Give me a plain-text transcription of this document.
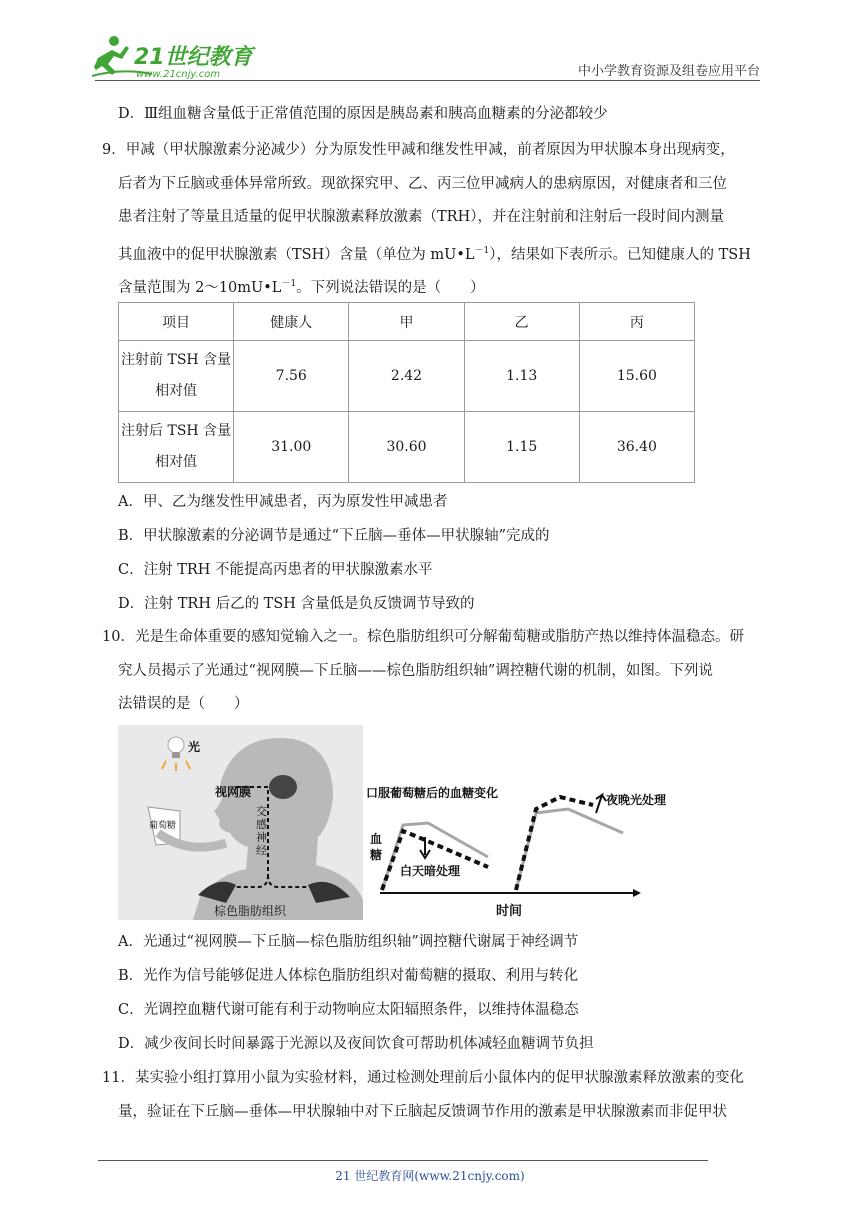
21世纪教育
www.21cnjy.com	中小学教育资源及组卷应用平台
D．Ⅲ组血糖含量低于正常值范围的原因是胰岛素和胰高血糖素的分泌都较少
9．甲减（甲状腺激素分泌减少）分为原发性甲减和继发性甲减，前者原因为甲状腺本身出现病变，
后者为下丘脑或垂体异常所致。现欲探究甲、乙、丙三位甲减病人的患病原因，对健康者和三位
患者注射了等量且适量的促甲状腺激素释放激素（TRH），并在注射前和注射后一段时间内测量
其血液中的促甲状腺激素（TSH）含量（单位为 $mU•L^{-1}$），结果如下表所示。已知健康人的 TSH
含量范围为 $2\sim 10mU•L^{-1}$。下列说法错误的是（　　）
项目	健康人	甲	乙	丙
注射前 TSH 含量
相对值	7.56	2.42	1.13	15.60
注射后 TSH 含量
相对值	31.00	30.60	1.15	36.40
A．甲、乙为继发性甲减患者，丙为原发性甲减患者
B．甲状腺激素的分泌调节是通过“下丘脑—垂体—甲状腺轴”完成的
C．注射 TRH 不能提高丙患者的甲状腺激素水平
D．注射 TRH 后乙的 TSH 含量低是负反馈调节导致的
10．光是生命体重要的感知觉输入之一。棕色脂肪组织可分解葡萄糖或脂肪产热以维持体温稳态。研
究人员揭示了光通过“视网膜—下丘脑——棕色脂肪组织轴”调控糖代谢的机制，如图。下列说
法错误的是（　　）
光
葡萄糖
视网膜
交感神经
棕色脂肪组织
口服葡萄糖后的血糖变化
时间
血糖
白天暗处理
夜晚光处理
A．光通过“视网膜—下丘脑—棕色脂肪组织轴”调控糖代谢属于神经调节
B．光作为信号能够促进人体棕色脂肪组织对葡萄糖的摄取、利用与转化
C．光调控血糖代谢可能有利于动物响应太阳辐照条件，以维持体温稳态
D．减少夜间长时间暴露于光源以及夜间饮食可帮助机体减轻血糖调节负担
11．某实验小组打算用小鼠为实验材料，通过检测处理前后小鼠体内的促甲状腺激素释放激素的变化
量，验证在下丘脑—垂体—甲状腺轴中对下丘脑起反馈调节作用的激素是甲状腺激素而非促甲状
21 世纪教育网(www.21cnjy.com)
